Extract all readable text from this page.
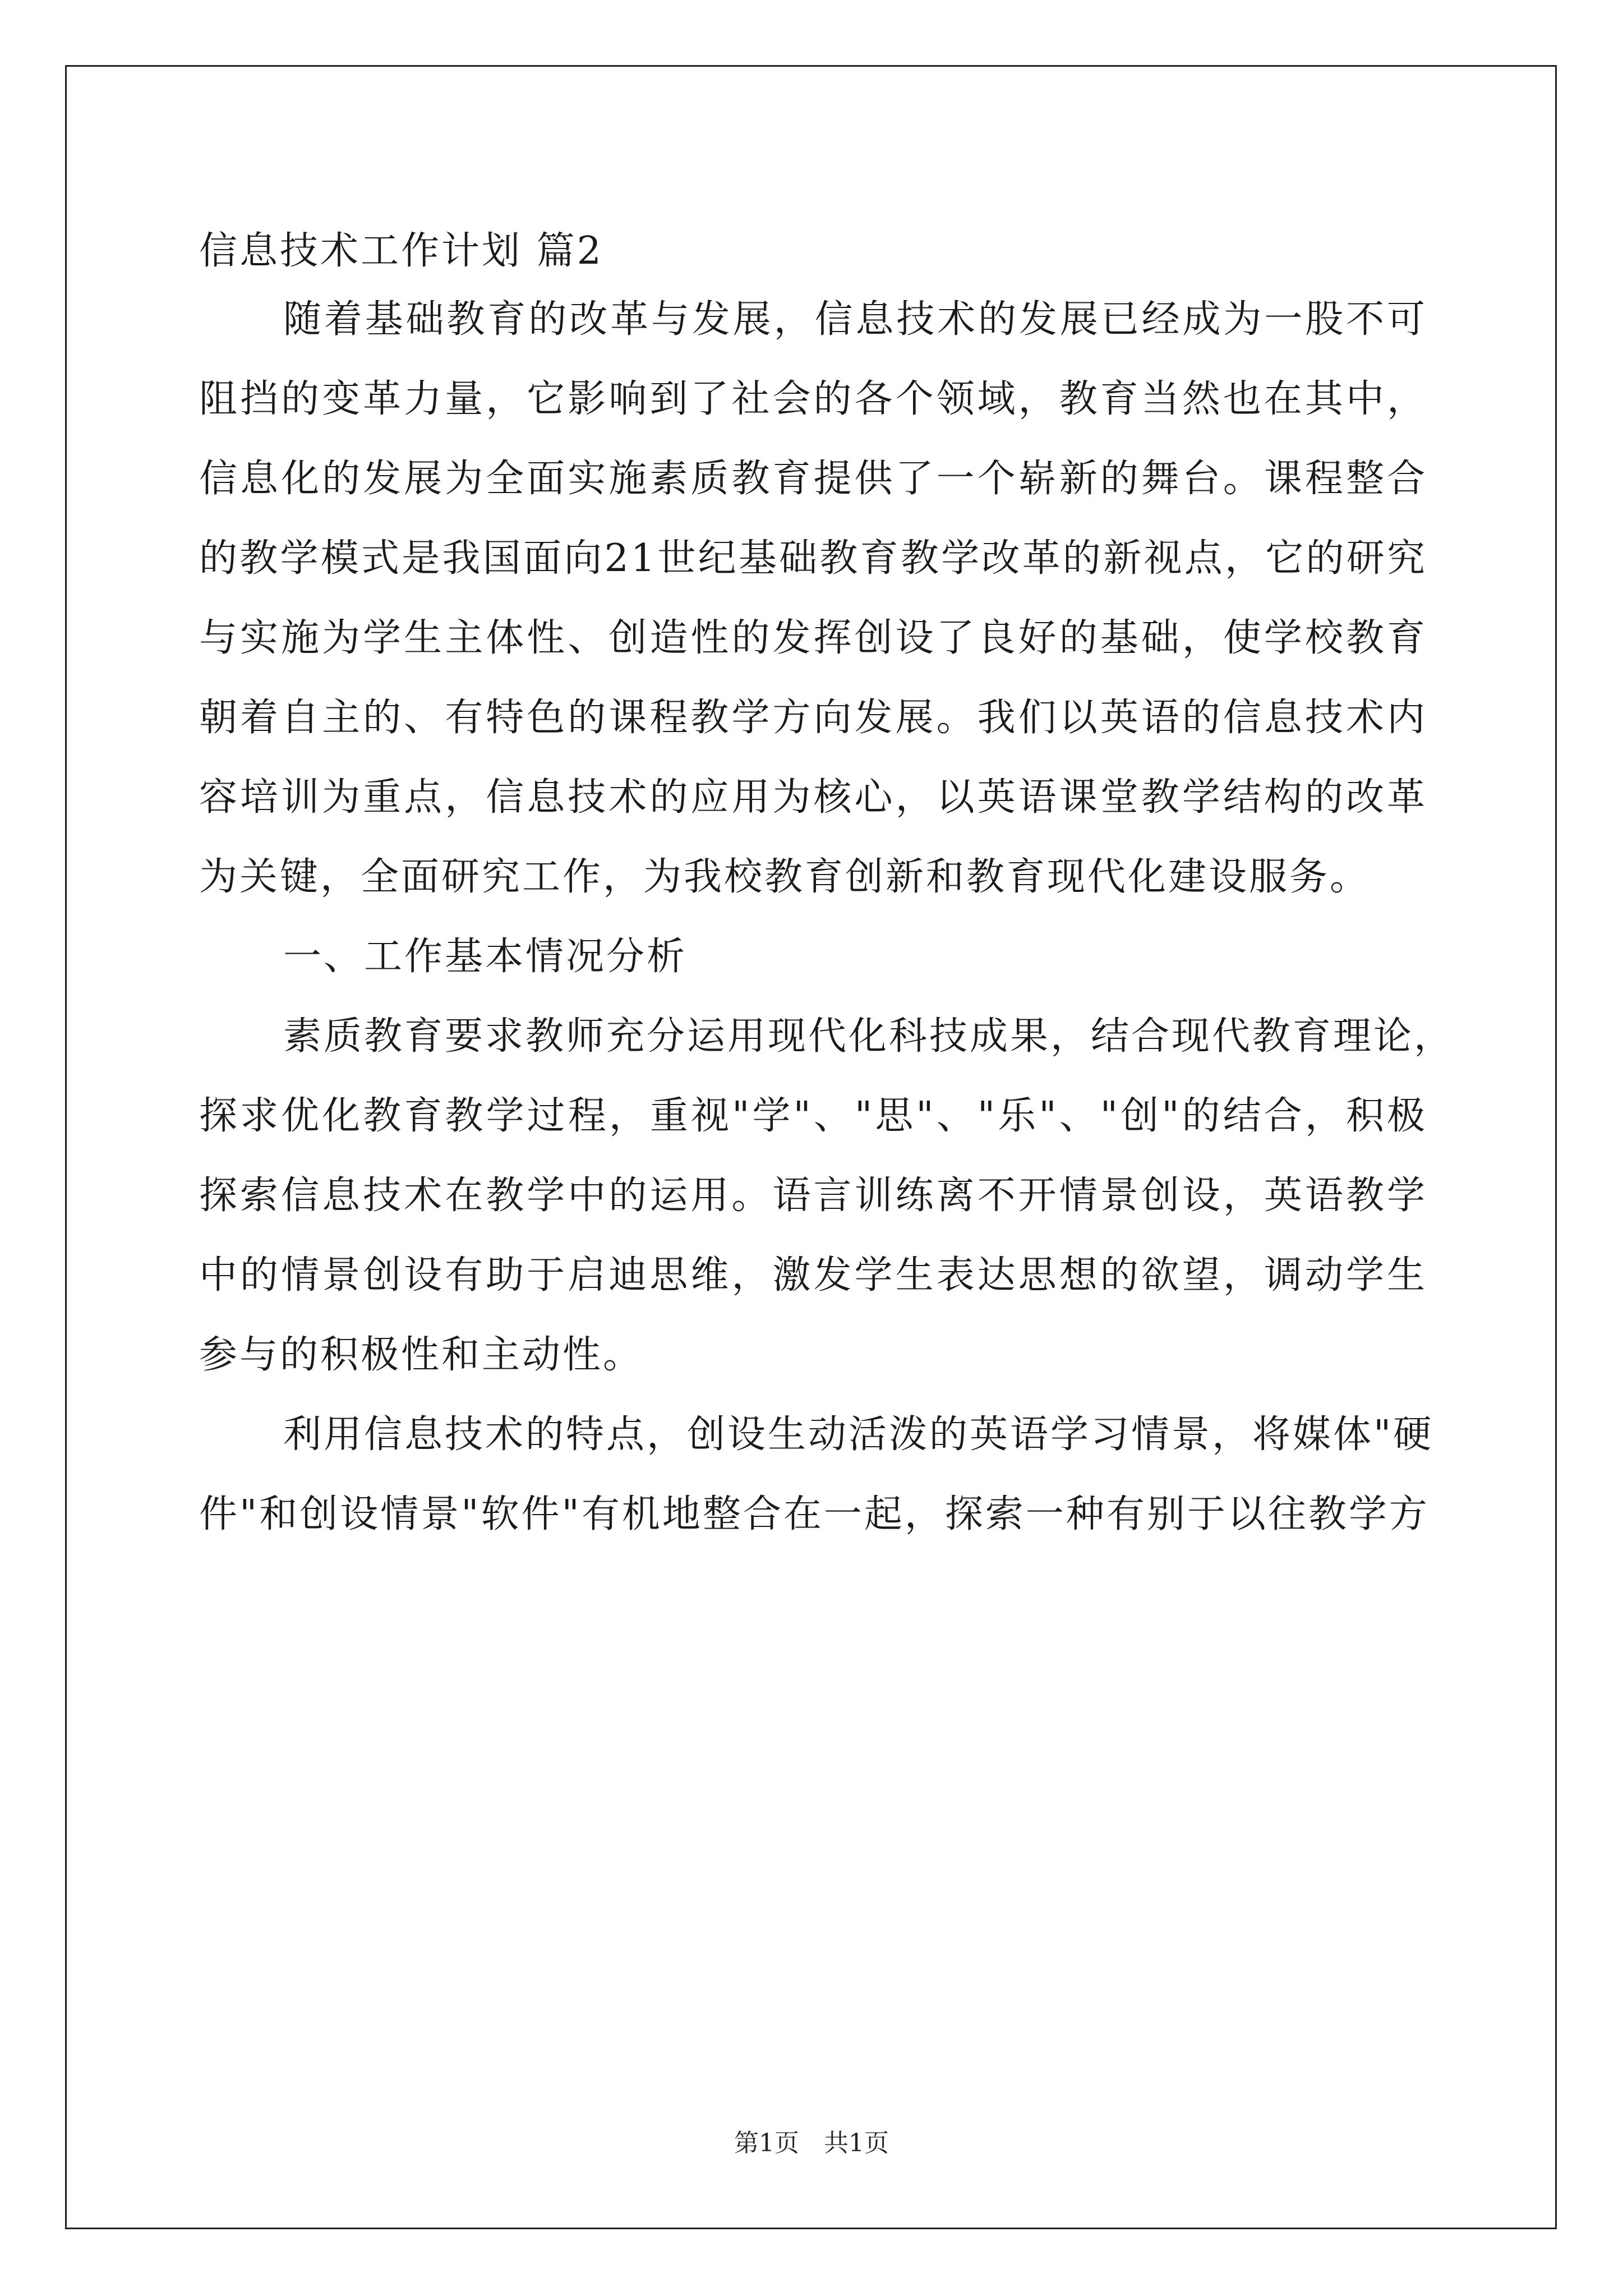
信息技术工作计划 篇2
随着基础教育的改革与发展，信息技术的发展已经成为一股不可
阻挡的变革力量，它影响到了社会的各个领域，教育当然也在其中，
信息化的发展为全面实施素质教育提供了一个崭新的舞台。课程整合
的教学模式是我国面向21世纪基础教育教学改革的新视点，它的研究
与实施为学生主体性、创造性的发挥创设了良好的基础，使学校教育
朝着自主的、有特色的课程教学方向发展。我们以英语的信息技术内
容培训为重点，信息技术的应用为核心，以英语课堂教学结构的改革
为关键，全面研究工作，为我校教育创新和教育现代化建设服务。
一、工作基本情况分析
素质教育要求教师充分运用现代化科技成果，结合现代教育理论，
探求优化教育教学过程，重视"学"、"思"、"乐"、"创"的结合，积极
探索信息技术在教学中的运用。语言训练离不开情景创设，英语教学
中的情景创设有助于启迪思维，激发学生表达思想的欲望，调动学生
参与的积极性和主动性。
利用信息技术的特点，创设生动活泼的英语学习情景，将媒体"硬
件"和创设情景"软件"有机地整合在一起，探索一种有别于以往教学方
第1页 共1页
